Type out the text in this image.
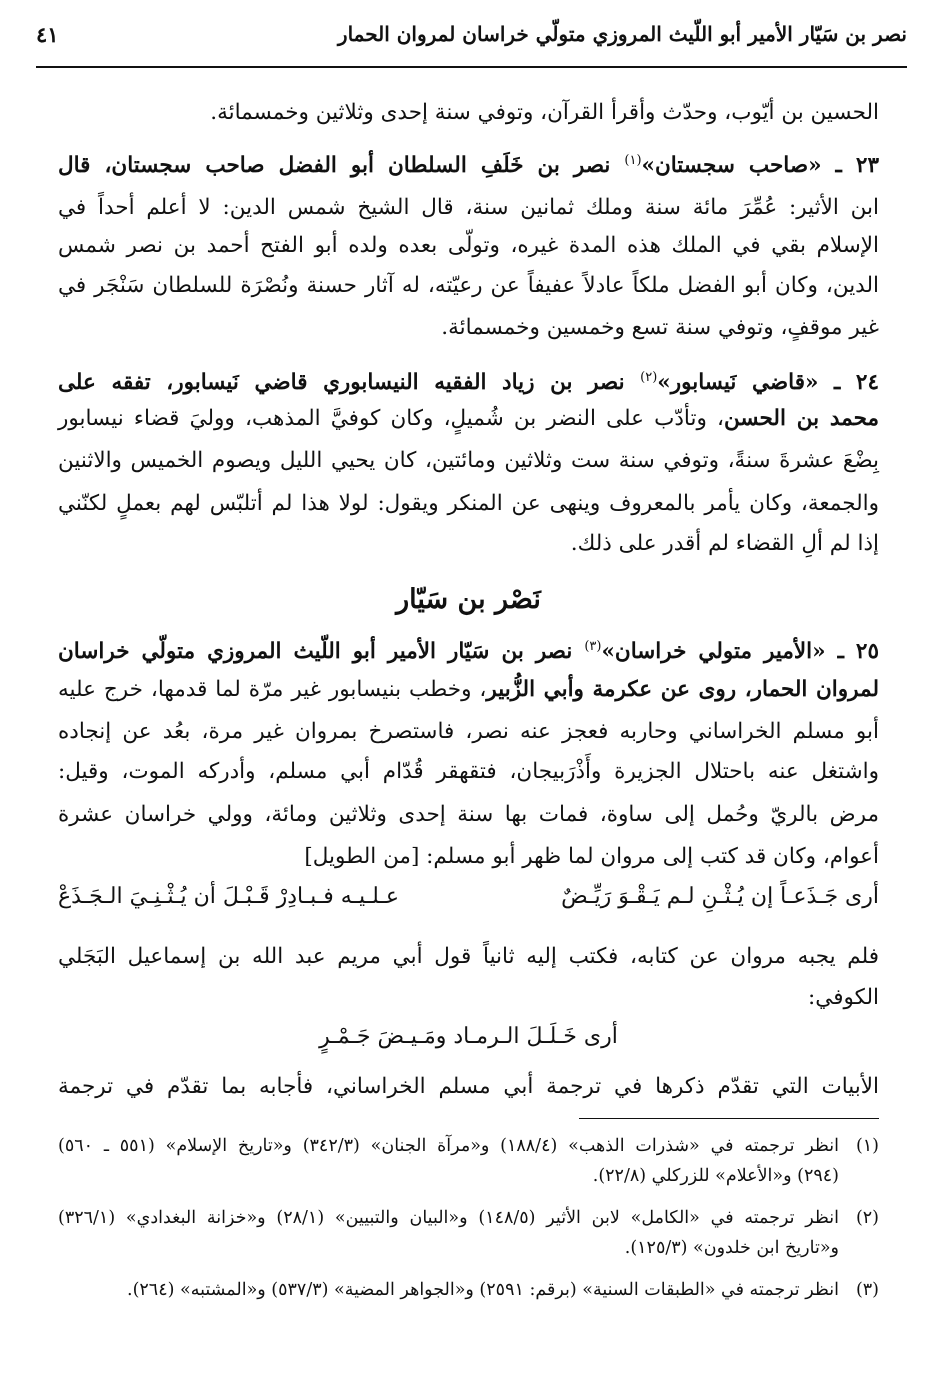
نصر بن سَيّار الأمير أبو اللّيث المروزي متولّي خراسان لمروان الحمار
٤١
الحسين بن أيّوب، وحدّث وأقرأ القرآن، وتوفي سنة إحدى وثلاثين وخمسمائة.
٢٣ ـ «صاحب سجستان»$^{(١)}$ نصر بن خَلَفِ السلطان أبو الفضل صاحب سجستان، قال
ابن الأثير: عُمِّرَ مائة سنة وملك ثمانين سنة، قال الشيخ شمس الدين: لا أعلم أحداً في
الإسلام بقي في الملك هذه المدة غيره، وتولّى بعده ولده أبو الفتح أحمد بن نصر شمس
الدين، وكان أبو الفضل ملكاً عادلاً عفيفاً عن رعيّته، له آثار حسنة ونُصْرَة للسلطان سَنْجَر في
غير موقفٍ، وتوفي سنة تسع وخمسين وخمسمائة.
٢٤ ـ «قاضي نَيسابور»$^{(٢)}$ نصر بن زياد الفقيه النيسابوري قاضي نَيسابور، تفقه على
محمد بن الحسن، وتأدّب على النضر بن شُميلٍ، وكان كوفيَّ المذهب، ووليَ قضاء نيسابور
بِضْعَ عشرةَ سنةً، وتوفي سنة ست وثلاثين ومائتين، كان يحيي الليل ويصوم الخميس والاثنين
والجمعة، وكان يأمر بالمعروف وينهى عن المنكر ويقول: لولا هذا لم أتلبّس لهم بعملٍ لكنّني
إذا لم ألِ القضاء لم أقدر على ذلك.
نَصْر بن سَيّار
٢٥ ـ «الأمير متولي خراسان»$^{(٣)}$ نصر بن سَيّار الأمير أبو اللّيث المروزي متولّي خراسان
لمروان الحمار، روى عن عكرمة وأبي الزُّبير، وخطب بنيسابور غير مرّة لما قدمها، خرج عليه
أبو مسلم الخراساني وحاربه فعجز عنه نصر، فاستصرخ بمروان غير مرة، بعُد عن إنجاده
واشتغل عنه باحتلال الجزيرة وأَذْرَبيجان، فتقهقر قُدّام أبي مسلم، وأدركه الموت، وقيل:
مرض بالريّ وحُمل إلى ساوة، فمات بها سنة إحدى وثلاثين ومائة، وولي خراسان عشرة
أعوام، وكان قد كتب إلى مروان لما ظهر أبو مسلم: [من الطويل]
أرى جَـذَعـاً إن يُـثْـنِ لـم يَـقْـوَ رَيِّـضٌ
عـلـيـه فـبـادِرْ قَـبْـلَ أن يُـثْـنِـيَ الـجَـذَعْ
فلم يجبه مروان عن كتابه، فكتب إليه ثانياً قول أبي مريم عبد الله بن إسماعيل البَجَلي
الكوفي:
أرى خَـلَـلَ الـرمـاد ومَـيـضَ جَـمْـرٍ
الأبيات التي تقدّم ذكرها في ترجمة أبي مسلم الخراساني، فأجابه بما تقدّم في ترجمة
(١)
انظر ترجمته في «شذرات الذهب» (١٨٨/٤) و«مرآة الجنان» (٣٤٢/٣) و«تاريخ الإسلام» (٥٥١ ـ ٥٦٠)
(٢٩٤) و«الأعلام» للزركلي (٢٢/٨).
(٢)
انظر ترجمته في «الكامل» لابن الأثير (١٤٨/٥) و«البيان والتبيين» (٢٨/١) و«خزانة البغدادي» (٣٢٦/١)
و«تاريخ ابن خلدون» (١٢٥/٣).
(٣)
انظر ترجمته في «الطبقات السنية» (برقم: ٢٥٩١) و«الجواهر المضية» (٥٣٧/٣) و«المشتبه» (٢٦٤).
